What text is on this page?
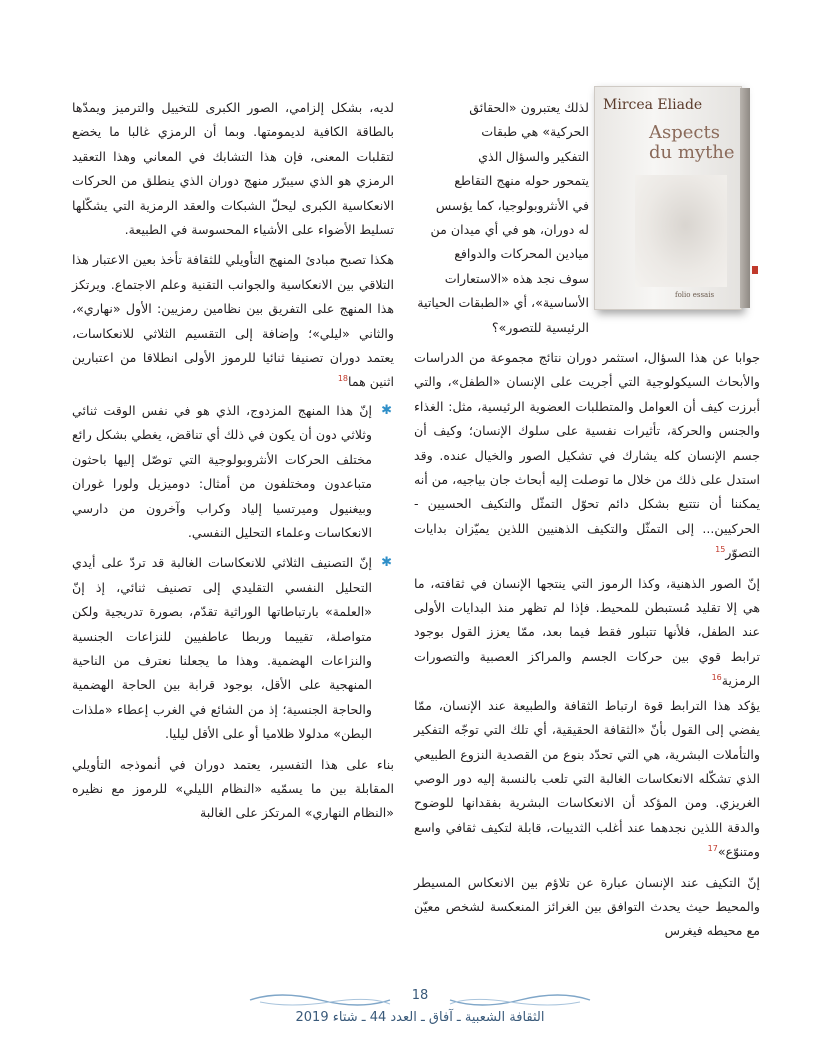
Mircea Eliade
Aspects
du mythe
folio essais

لذلك يعتبرون «الحقائق

الحركية» هي طبقات

التفكير والسؤال الذي

يتمحور حوله منهج التقاطع

في الأنثروبولوجيا، كما يؤسس

له دوران، هو في أي ميدان من

ميادين المحركات والدوافع

سوف نجد هذه «الاستعارات

الأساسية»، أي «الطبقات الحياتية

الرئيسية للتصور»؟

جوابا عن هذا السؤال، استثمر دوران نتائج مجموعة من الدراسات والأبحاث السيكولوجية التي أجريت على الإنسان «الطفل»، والتي أبرزت كيف أن العوامل والمتطلبات العضوية الرئيسية، مثل: الغذاء والجنس والحركة، تأثيرات نفسية على سلوك الإنسان؛ وكيف أن جسم الإنسان كله يشارك في تشكيل الصور والخيال عنده. وقد استدل على ذلك من خلال ما توصلت إليه أبحاث جان بياجيه، من أنه يمكننا أن نتتبع بشكل دائم تحوّل التمثّل والتكيف الحسيين - الحركيين... إلى التمثّل والتكيف الذهنيين اللذين يميّزان بدايات التصوّر$^{15}$

إنّ الصور الذهنية، وكذا الرموز التي ينتجها الإنسان في ثقافته، ما هي إلا تقليد مُستبطن للمحيط. فإذا لم تظهر منذ البدايات الأولى عند الطفل، فلأنها تتبلور فقط فيما بعد، ممّا يعزز القول بوجود ترابط قوي بين حركات الجسم والمراكز العصبية والتصورات الرمزية$^{16}$

يؤكد هذا الترابط قوة ارتباط الثقافة والطبيعة عند الإنسان، ممّا يفضي إلى القول بأنّ «الثقافة الحقيقية، أي تلك التي توجّه التفكير والتأملات البشرية، هي التي تحدّد بنوع من القصدية النزوع الطبيعي الذي تشكّله الانعكاسات الغالبة التي تلعب بالنسبة إليه دور الوصي الغريزي. ومن المؤكد أن الانعكاسات البشرية بفقدانها للوضوح والدقة اللذين نجدهما عند أغلب الثدييات، قابلة لتكيف ثقافي واسع ومتنوّع»$^{17}$

إنّ التكيف عند الإنسان عبارة عن تلاؤم بين الانعكاس المسيطر والمحيط حيث يحدث التوافق بين الغرائز المنعكسة لشخص معيّن مع محيطه فيغرس

لديه، بشكل إلزامي، الصور الكبرى للتخييل والترميز ويمدّها بالطاقة الكافية لديمومتها. وبما أن الرمزي غالبا ما يخضع لتقلبات المعنى، فإن هذا التشابك في المعاني وهذا التعقيد الرمزي هو الذي سيبرّر منهج دوران الذي ينطلق من الحركات الانعكاسية الكبرى ليحلّ الشبكات والعقد الرمزية التي يشكّلها تسليط الأضواء على الأشياء المحسوسة في الطبيعة.

هكذا تصبح مبادئ المنهج التأويلي للثقافة تأخذ بعين الاعتبار هذا التلاقي بين الانعكاسية والجوانب التقنية وعلم الاجتماع. ويرتكز هذا المنهج على التفريق بين نظامين رمزيين: الأول «نهاري»، والثاني «ليلي»؛ وإضافة إلى التقسيم الثلاثي للانعكاسات، يعتمد دوران تصنيفا ثنائيا للرموز الأولى انطلاقا من اعتبارين اثنين هما$^{18}$

✱
إنّ هذا المنهج المزدوج، الذي هو في نفس الوقت ثنائي وثلاثي دون أن يكون في ذلك أي تناقض، يغطي بشكل رائع مختلف الحركات الأنثروبولوجية التي توصّل إليها باحثون متباعدون ومختلفون من أمثال: دوميزيل ولورا غوران وبيغنيول وميرتسيا إلياد وكراب وآخرون من دارسي الانعكاسات وعلماء التحليل النفسي.
✱
إنّ التصنيف الثلاثي للانعكاسات الغالبة قد تردّ على أيدي التحليل النفسي التقليدي إلى تصنيف ثنائي، إذ إنّ «العلمة» بارتباطاتها الوراثية تقدّم، بصورة تدريجية ولكن متواصلة، تقييما وربطا عاطفيين للنزاعات الجنسية والنزاعات الهضمية. وهذا ما يجعلنا نعترف من الناحية المنهجية على الأقل، بوجود قرابة بين الحاجة الهضمية والحاجة الجنسية؛ إذ من الشائع في الغرب إعطاء «ملذات البطن» مدلولا ظلاميا أو على الأقل ليليا.

بناء على هذا التفسير، يعتمد دوران في أنموذجه التأويلي المقابلة بين ما يسمّيه «النظام الليلي» للرموز مع نظيره «النظام النهاري» المرتكز على الغالبة

18
الثقافة الشعبية ـ آفاق ـ العدد 44 ـ شتاء 2019
